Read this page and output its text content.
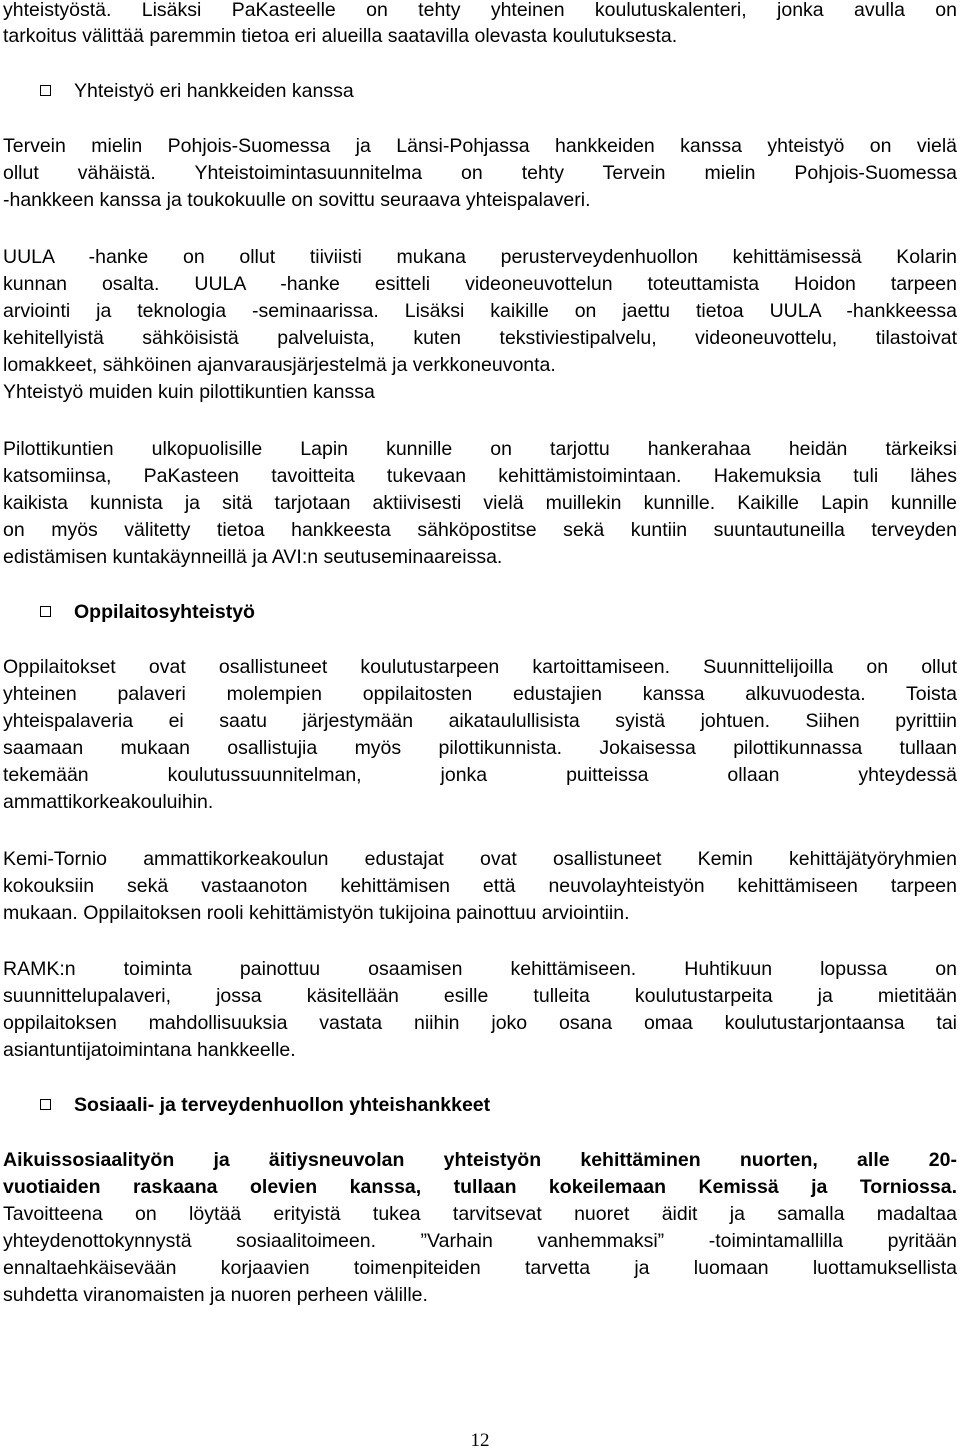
yhteistyöstä. Lisäksi PaKasteelle on tehty yhteinen koulutuskalenteri, jonka avulla on
tarkoitus välittää paremmin tietoa eri alueilla saatavilla olevasta koulutuksesta.
Yhteistyö eri hankkeiden kanssa
Tervein mielin Pohjois-Suomessa ja Länsi-Pohjassa hankkeiden kanssa yhteistyö on vielä
ollut vähäistä. Yhteistoimintasuunnitelma on tehty Tervein mielin Pohjois-Suomessa
-hankkeen kanssa ja toukokuulle on sovittu seuraava yhteispalaveri.
UULA -hanke on ollut tiiviisti mukana perusterveydenhuollon kehittämisessä Kolarin
kunnan osalta. UULA -hanke esitteli videoneuvottelun toteuttamista Hoidon tarpeen
arviointi ja teknologia -seminaarissa. Lisäksi kaikille on jaettu tietoa UULA -hankkeessa
kehitellyistä sähköisistä palveluista, kuten tekstiviestipalvelu, videoneuvottelu, tilastoivat
lomakkeet, sähköinen ajanvarausjärjestelmä ja verkkoneuvonta.
Yhteistyö muiden kuin pilottikuntien kanssa
Pilottikuntien ulkopuolisille Lapin kunnille on tarjottu hankerahaa heidän tärkeiksi
katsomiinsa, PaKasteen tavoitteita tukevaan kehittämistoimintaan. Hakemuksia tuli lähes
kaikista kunnista ja sitä tarjotaan aktiivisesti vielä muillekin kunnille. Kaikille Lapin kunnille
on myös välitetty tietoa hankkeesta sähköpostitse sekä kuntiin suuntautuneilla terveyden
edistämisen kuntakäynneillä ja AVI:n seutuseminaareissa.
Oppilaitosyhteistyö
Oppilaitokset ovat osallistuneet koulutustarpeen kartoittamiseen. Suunnittelijoilla on ollut
yhteinen palaveri molempien oppilaitosten edustajien kanssa alkuvuodesta. Toista
yhteispalaveria ei saatu järjestymään aikataulullisista syistä johtuen. Siihen pyrittiin
saamaan mukaan osallistujia myös pilottikunnista. Jokaisessa pilottikunnassa tullaan
tekemään koulutussuunnitelman, jonka puitteissa ollaan yhteydessä
ammattikorkeakouluihin.
Kemi-Tornio ammattikorkeakoulun edustajat ovat osallistuneet Kemin kehittäjätyöryhmien
kokouksiin sekä vastaanoton kehittämisen että neuvolayhteistyön kehittämiseen tarpeen
mukaan. Oppilaitoksen rooli kehittämistyön tukijoina painottuu arviointiin.
RAMK:n toiminta painottuu osaamisen kehittämiseen. Huhtikuun lopussa on
suunnittelupalaveri, jossa käsitellään esille tulleita koulutustarpeita ja mietitään
oppilaitoksen mahdollisuuksia vastata niihin joko osana omaa koulutustarjontaansa tai
asiantuntijatoimintana hankkeelle.
Sosiaali- ja terveydenhuollon yhteishankkeet
Aikuissosiaalityön ja äitiysneuvolan yhteistyön kehittäminen nuorten, alle 20-
vuotiaiden raskaana olevien kanssa, tullaan kokeilemaan Kemissä ja Torniossa.
Tavoitteena on löytää erityistä tukea tarvitsevat nuoret äidit ja samalla madaltaa
yhteydenottokynnystä sosiaalitoimeen. ”Varhain vanhemmaksi” -toimintamallilla pyritään
ennaltaehkäisevään korjaavien toimenpiteiden tarvetta ja luomaan luottamuksellista
suhdetta viranomaisten ja nuoren perheen välille.
12
